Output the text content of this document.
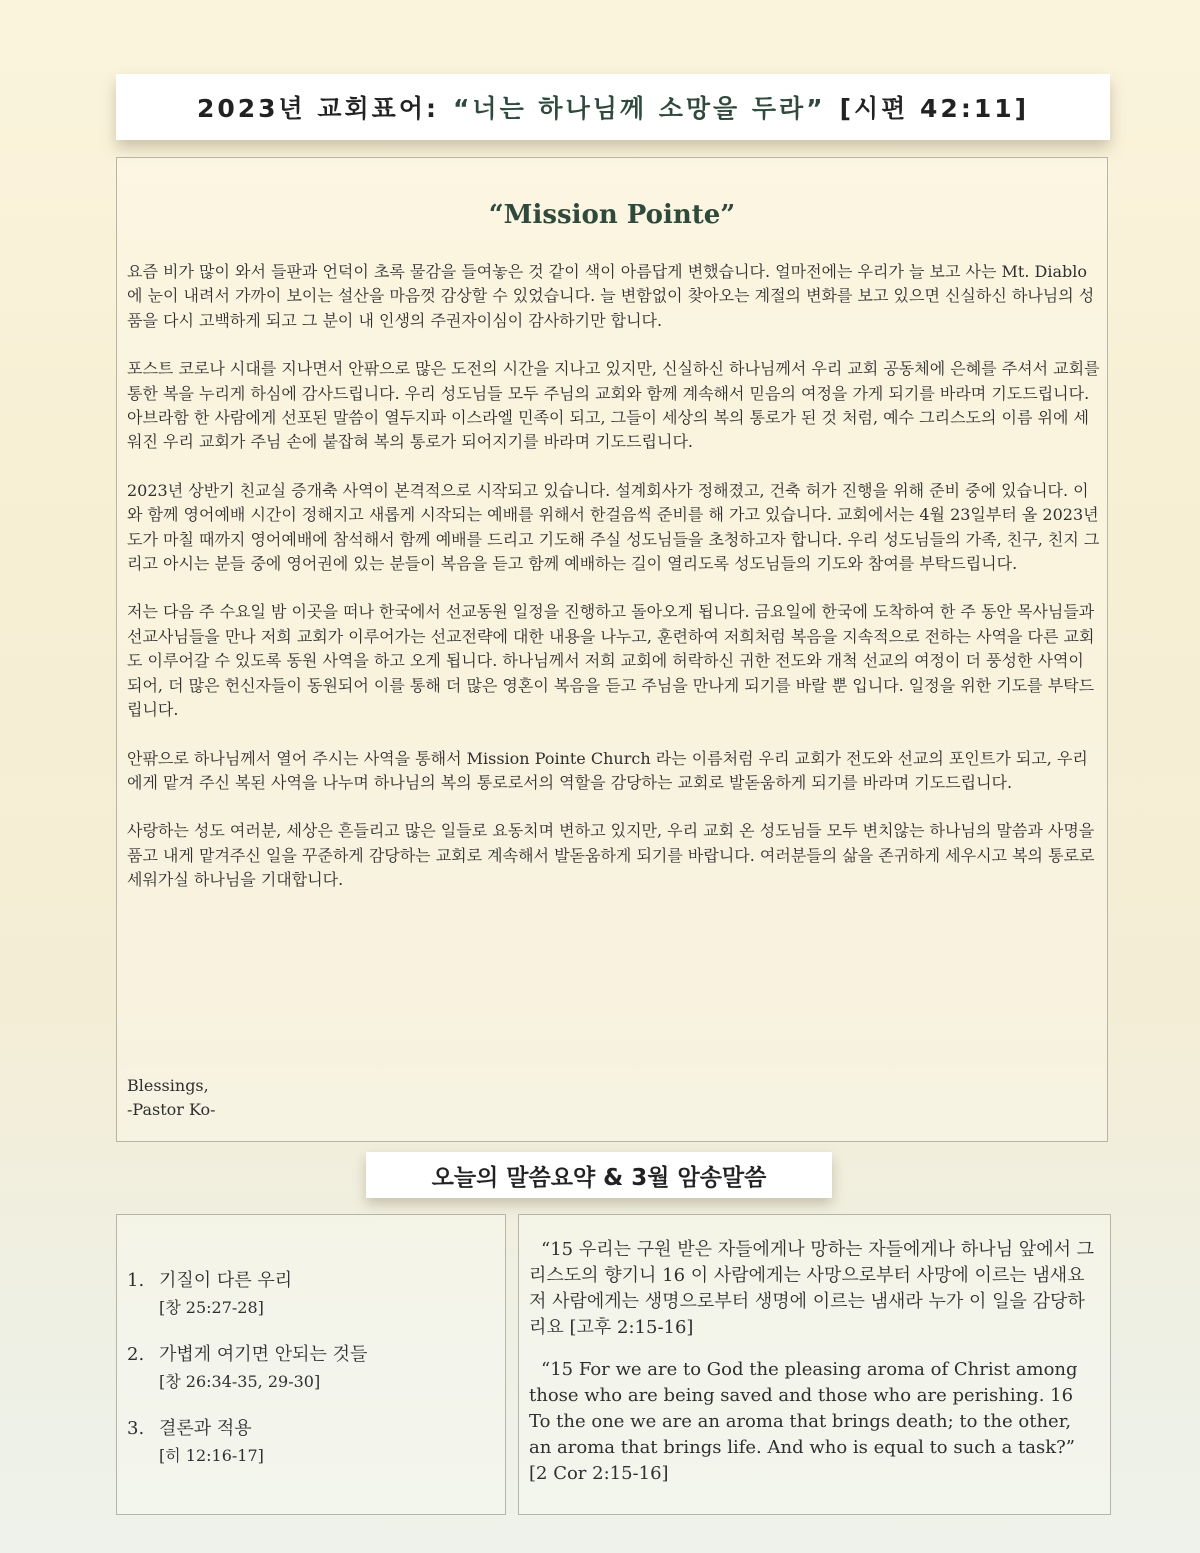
2023년 교회표어: “너는 하나님께 소망을 두라” [시편 42:11]
“Mission Pointe”

요즘 비가 많이 와서 들판과 언덕이 초록 물감을 들여놓은 것 같이 색이 아름답게 변했습니다. 얼마전에는 우리가 늘 보고 사는 Mt. Diablo에 눈이 내려서 가까이 보이는 설산을 마음껏 감상할 수 있었습니다. 늘 변함없이 찾아오는 계절의 변화를 보고 있으면 신실하신 하나님의 성품을 다시 고백하게 되고 그 분이 내 인생의 주권자이심이 감사하기만 합니다.

포스트 코로나 시대를 지나면서 안팎으로 많은 도전의 시간을 지나고 있지만, 신실하신 하나님께서 우리 교회 공동체에 은혜를 주셔서 교회를 통한 복을 누리게 하심에 감사드립니다. 우리 성도님들 모두 주님의 교회와 함께 계속해서 믿음의 여정을 가게 되기를 바라며 기도드립니다. 아브라함 한 사람에게 선포된 말씀이 열두지파 이스라엘 민족이 되고, 그들이 세상의 복의 통로가 된 것 처럼, 예수 그리스도의 이름 위에 세워진 우리 교회가 주님 손에 붙잡혀 복의 통로가 되어지기를 바라며 기도드립니다.

2023년 상반기 친교실 증개축 사역이 본격적으로 시작되고 있습니다. 설계회사가 정해졌고, 건축 허가 진행을 위해 준비 중에 있습니다. 이와 함께 영어예배 시간이 정해지고 새롭게 시작되는 예배를 위해서 한걸음씩 준비를 해 가고 있습니다. 교회에서는 4월 23일부터 올 2023년도가 마칠 때까지 영어예배에 참석해서 함께 예배를 드리고 기도해 주실 성도님들을 초청하고자 합니다. 우리 성도님들의 가족, 친구, 친지 그리고 아시는 분들 중에 영어권에 있는 분들이 복음을 듣고 함께 예배하는 길이 열리도록 성도님들의 기도와 참여를 부탁드립니다.

저는 다음 주 수요일 밤 이곳을 떠나 한국에서 선교동원 일정을 진행하고 돌아오게 됩니다. 금요일에 한국에 도착하여 한 주 동안 목사님들과 선교사님들을 만나 저희 교회가 이루어가는 선교전략에 대한 내용을 나누고, 훈련하여 저희처럼 복음을 지속적으로 전하는 사역을 다른 교회도 이루어갈 수 있도록 동원 사역을 하고 오게 됩니다. 하나님께서 저희 교회에 허락하신 귀한 전도와 개척 선교의 여정이 더 풍성한 사역이 되어, 더 많은 헌신자들이 동원되어 이를 통해 더 많은 영혼이 복음을 듣고 주님을 만나게 되기를 바랄 뿐 입니다. 일정을 위한 기도를 부탁드립니다.

안팎으로 하나님께서 열어 주시는 사역을 통해서 Mission Pointe Church 라는 이름처럼 우리 교회가 전도와 선교의 포인트가 되고, 우리에게 맡겨 주신 복된 사역을 나누며 하나님의 복의 통로로서의 역할을 감당하는 교회로 발돋움하게 되기를 바라며 기도드립니다.

사랑하는 성도 여러분, 세상은 흔들리고 많은 일들로 요동치며 변하고 있지만, 우리 교회 온 성도님들 모두 변치않는 하나님의 말씀과 사명을 품고 내게 맡겨주신 일을 꾸준하게 감당하는 교회로 계속해서 발돋움하게 되기를 바랍니다. 여러분들의 삶을 존귀하게 세우시고 복의 통로로 세워가실 하나님을 기대합니다.

Blessings,
-Pastor Ko-
오늘의 말씀요약 & 3월 암송말씀
1. 기질이 다른 우리
[창 25:27-28]
2. 가볍게 여기면 안되는 것들
[창 26:34-35, 29-30]
3. 결론과 적용
[히 12:16-17]

“15 우리는 구원 받은 자들에게나 망하는 자들에게나 하나님 앞에서 그리스도의 향기니 16 이 사람에게는 사망으로부터 사망에 이르는 냄새요 저 사람에게는 생명으로부터 생명에 이르는 냄새라 누가 이 일을 감당하리요 [고후 2:15-16]

“15 For we are to God the pleasing aroma of Christ among those who are being saved and those who are perishing. 16 To the one we are an aroma that brings death; to the other, an aroma that brings life. And who is equal to such a task?”
[2 Cor 2:15-16]
